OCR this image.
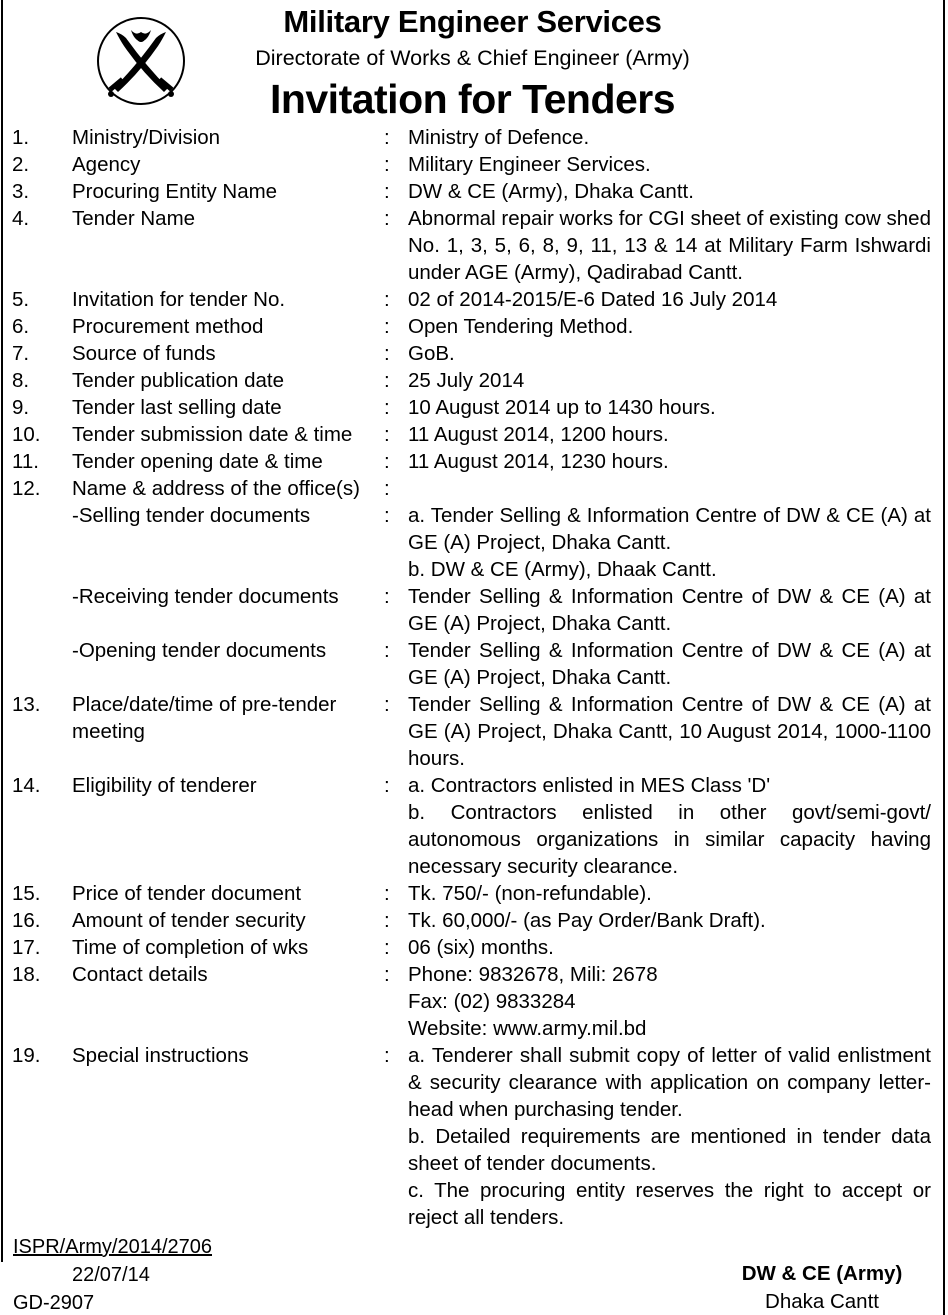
Military Engineer Services
Directorate of Works & Chief Engineer (Army)
Invitation for Tenders
1.	Ministry/Division	: Ministry of Defence.
2.	Agency	: Military Engineer Services.
3.	Procuring Entity Name	: DW & CE (Army), Dhaka Cantt.
4.	Tender Name	: Abnormal repair works for CGI sheet of existing cow shed No. 1, 3, 5, 6, 8, 9, 11, 13 & 14 at Military Farm Ishwardi under AGE (Army), Qadirabad Cantt.
5.	Invitation for tender No.	: 02 of 2014-2015/E-6 Dated 16 July 2014
6.	Procurement method	: Open Tendering Method.
7.	Source of funds	: GoB.
8.	Tender publication date	: 25 July 2014
9.	Tender last selling date	: 10 August 2014 up to 1430 hours.
10.	Tender submission date & time	: 11 August 2014, 1200 hours.
11.	Tender opening date & time	: 11 August 2014, 1230 hours.
12.	Name & address of the office(s)	:
-Selling tender documents	: a. Tender Selling & Information Centre of DW & CE (A) at GE (A) Project, Dhaka Cantt.
b. DW & CE (Army), Dhaak Cantt.
-Receiving tender documents	: Tender Selling & Information Centre of DW & CE (A) at GE (A) Project, Dhaka Cantt.
-Opening tender documents	: Tender Selling & Information Centre of DW & CE (A) at GE (A) Project, Dhaka Cantt.
13.	Place/date/time of pre-tender meeting
: Tender Selling & Information Centre of DW & CE (A) at GE (A) Project, Dhaka Cantt, 10 August 2014, 1000-1100 hours.
14.	Eligibility of tenderer	: a. Contractors enlisted in MES Class 'D'
b. Contractors enlisted in other govt/semi-govt/ autonomous organizations in similar capacity having necessary security clearance.
15.	Price of tender document	: Tk. 750/- (non-refundable).
16.	Amount of tender security	: Tk. 60,000/- (as Pay Order/Bank Draft).
17.	Time of completion of wks	: 06 (six) months.
18.	Contact details	: Phone: 9832678, Mili: 2678
Fax: (02) 9833284
Website: www.army.mil.bd
19.	Special instructions	: a. Tenderer shall submit copy of letter of valid enlistment & security clearance with application on company letter-head when purchasing tender.
b. Detailed requirements are mentioned in tender data sheet of tender documents.
c. The procuring entity reserves the right to accept or reject all tenders.
ISPR/Army/2014/2706
22/07/14
GD-2907
DW & CE (Army)
Dhaka Cantt
